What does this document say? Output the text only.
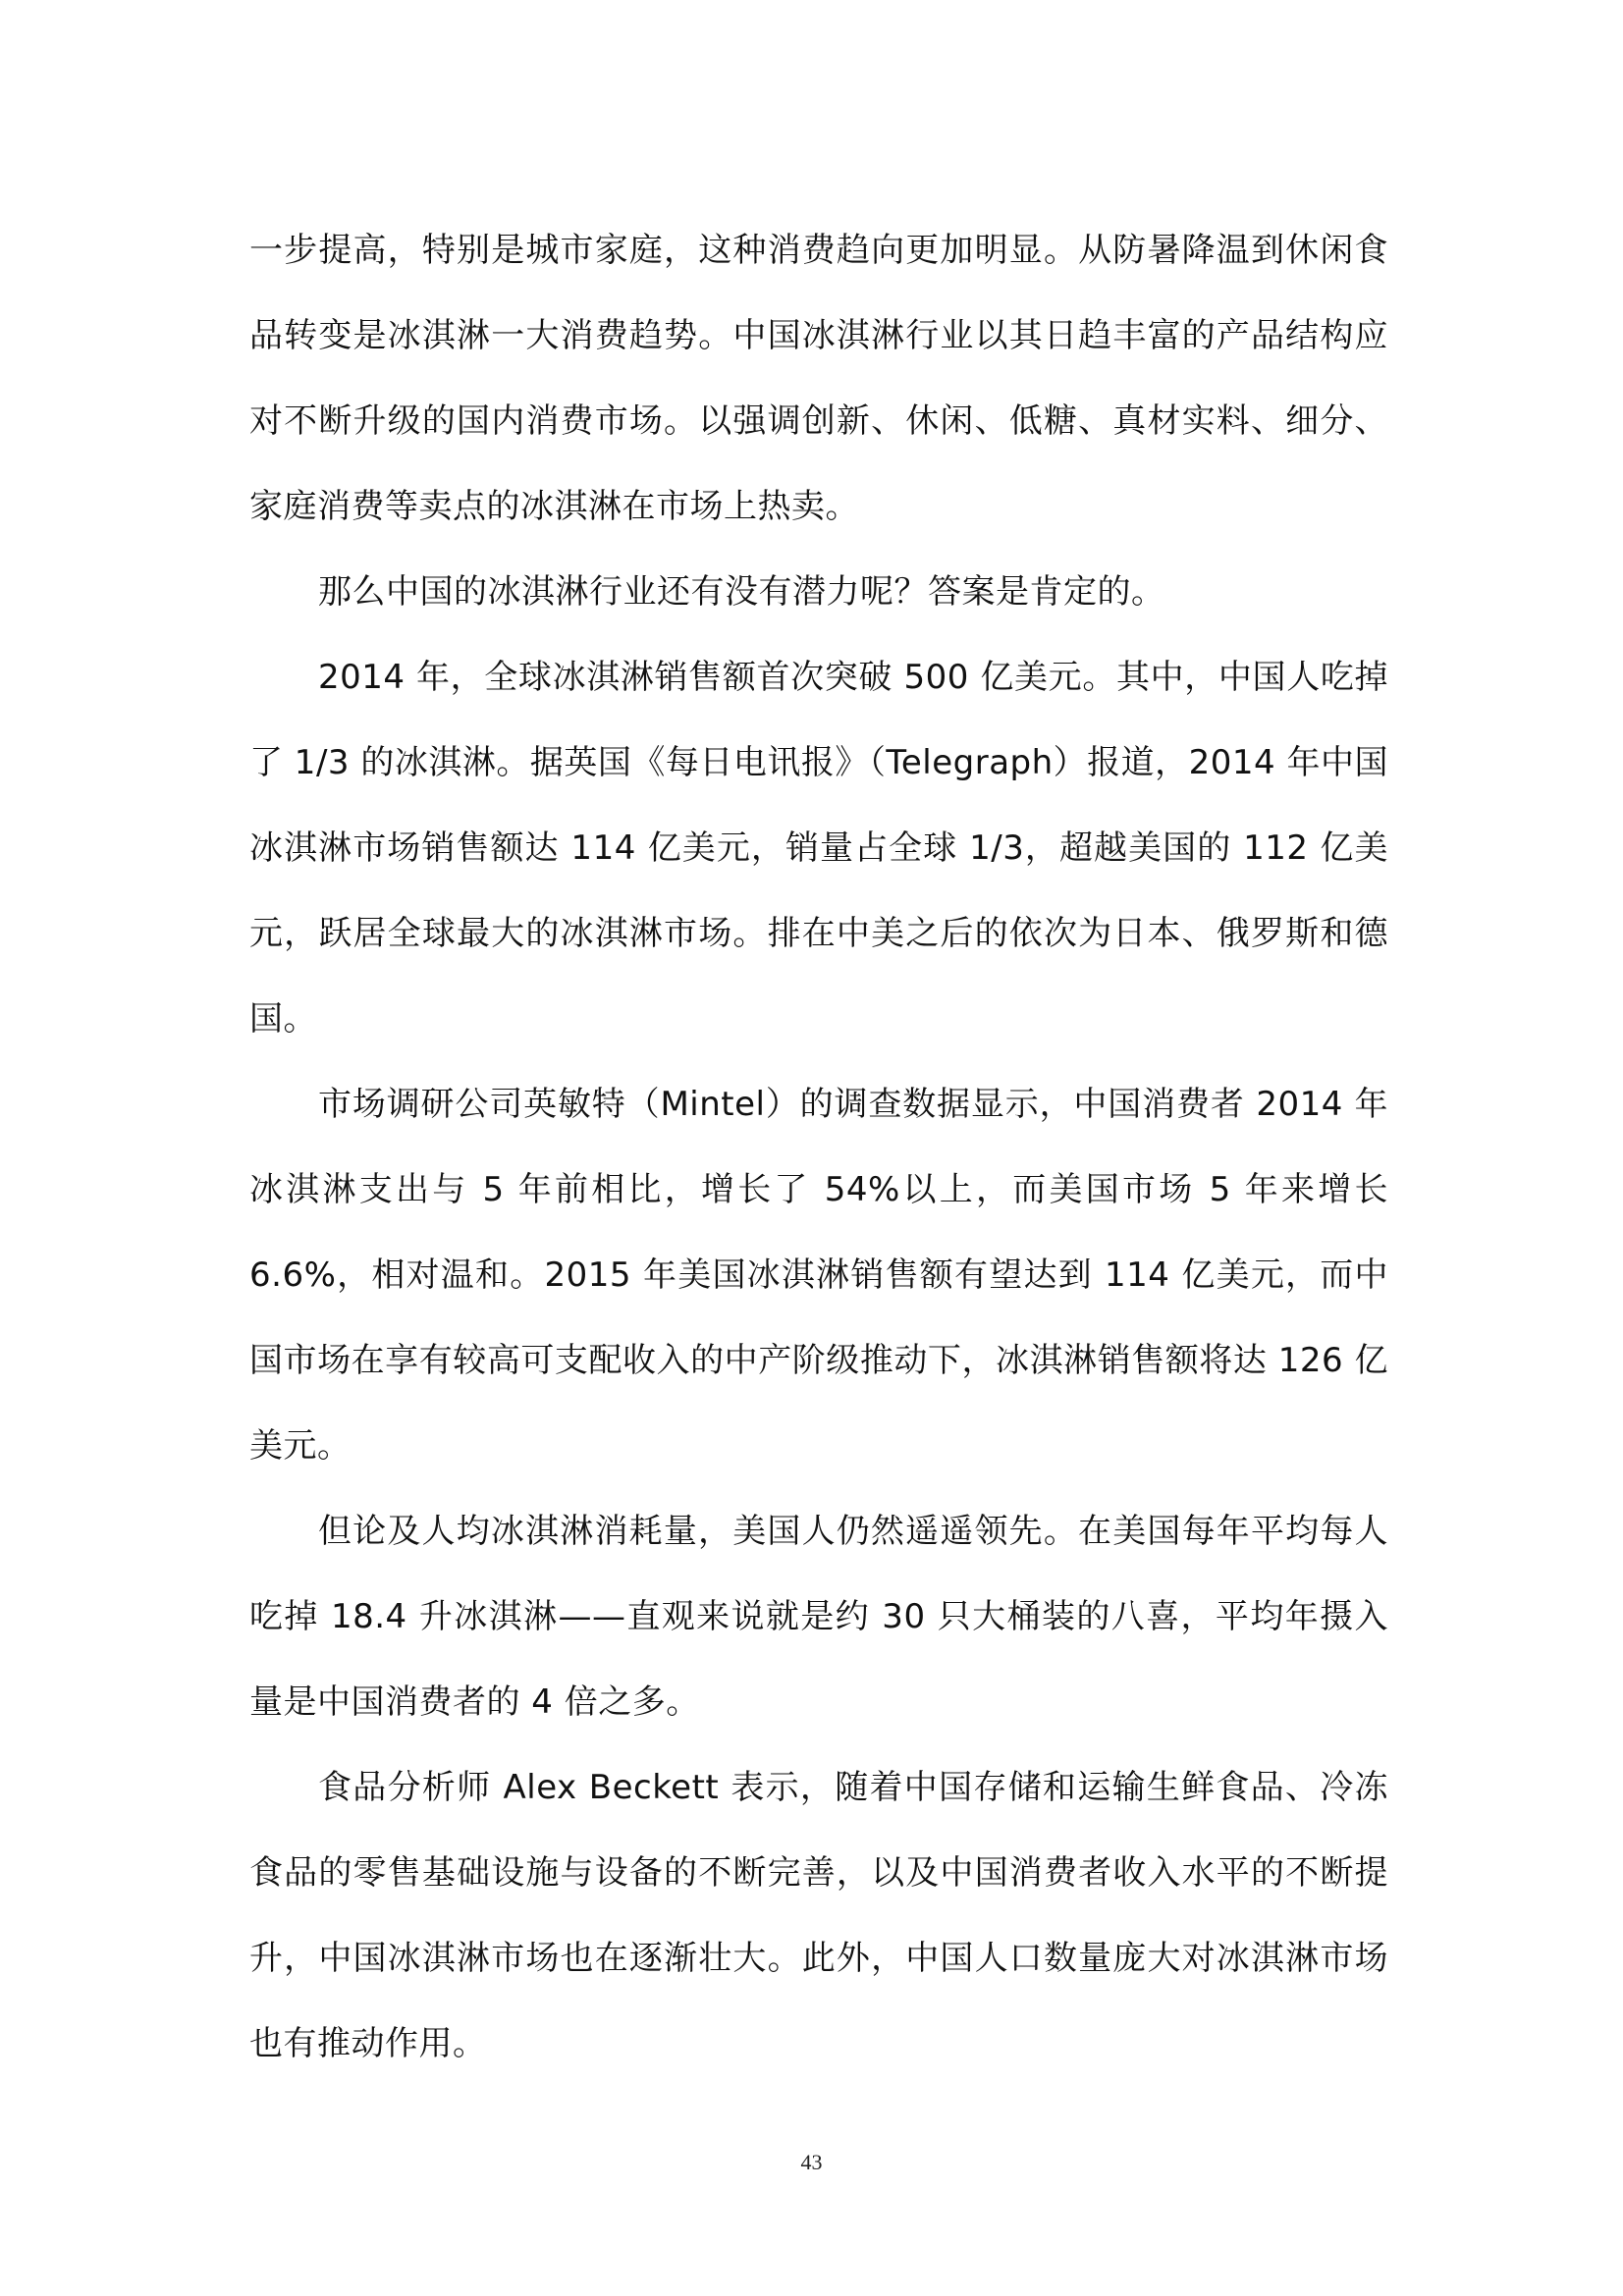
一步提高，特别是城市家庭，这种消费趋向更加明显。从防暑降温到休闲食品转变是冰淇淋一大消费趋势。中国冰淇淋行业以其日趋丰富的产品结构应对不断升级的国内消费市场。以强调创新、休闲、低糖、真材实料、细分、家庭消费等卖点的冰淇淋在市场上热卖。

那么中国的冰淇淋行业还有没有潜力呢？答案是肯定的。

2014 年，全球冰淇淋销售额首次突破 500 亿美元。其中，中国人吃掉了 1/3 的冰淇淋。据英国《每日电讯报》（Telegraph）报道，2014 年中国冰淇淋市场销售额达 114 亿美元，销量占全球 1/3，超越美国的 112 亿美元，跃居全球最大的冰淇淋市场。排在中美之后的依次为日本、俄罗斯和德国。

市场调研公司英敏特（Mintel）的调查数据显示，中国消费者 2014 年冰淇淋支出与 5 年前相比，增长了 54%以上，而美国市场 5 年来增长 6.6%，相对温和。2015 年美国冰淇淋销售额有望达到 114 亿美元，而中国市场在享有较高可支配收入的中产阶级推动下，冰淇淋销售额将达 126 亿美元。

但论及人均冰淇淋消耗量，美国人仍然遥遥领先。在美国每年平均每人吃掉 18.4 升冰淇淋——直观来说就是约 30 只大桶装的八喜，平均年摄入量是中国消费者的 4 倍之多。

食品分析师 Alex Beckett 表示，随着中国存储和运输生鲜食品、冷冻食品的零售基础设施与设备的不断完善，以及中国消费者收入水平的不断提升，中国冰淇淋市场也在逐渐壮大。此外，中国人口数量庞大对冰淇淋市场也有推动作用。

43
